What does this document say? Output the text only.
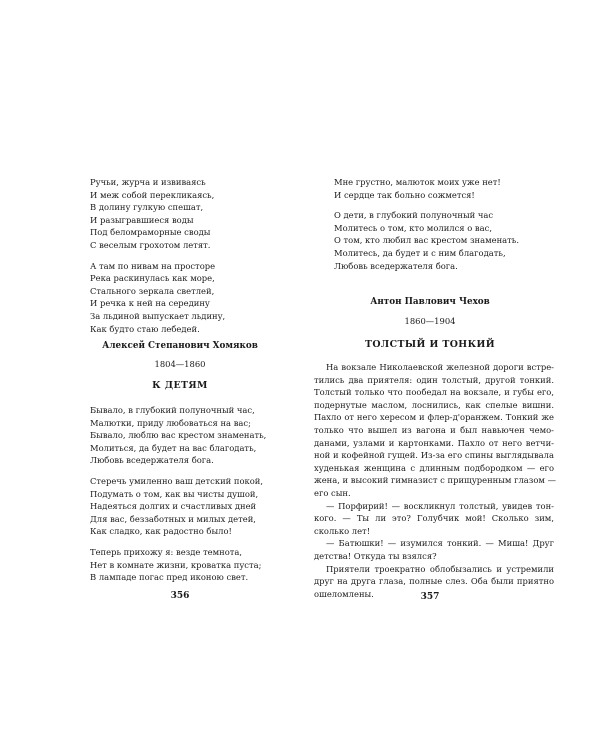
Ручьи, журча и извиваясь
И меж собой перекликаясь,
В долину гулкую спешат,
И разыгравшиеся воды
Под беломраморные своды
С веселым грохотом летят.
А там по нивам на просторе
Река раскинулась как море,
Стального зеркала светлей,
И речка к ней на середину
За льдиной выпускает льдину,
Как будто стаю лебедей.
Алексей Степанович Хомяков
1804—1860
К ДЕТЯМ
Бывало, в глубокий полуночный час,
Малютки, приду любоваться на вас;
Бывало, люблю вас крестом знаменать,
Молиться, да будет на вас благодать,
Любовь вседержателя бога.
Стеречь умиленно ваш детский покой,
Подумать о том, как вы чисты душой,
Надеяться долгих и счастливых дней
Для вас, беззаботных и милых детей,
Как сладко, как радостно было!
Теперь прихожу я: везде темнота,
Нет в комнате жизни, кроватка пуста;
В лампаде погас пред иконою свет.
356
Мне грустно, малюток моих уже нет!
И сердце так больно сожмется!
О дети, в глубокий полуночный час
Молитесь о том, кто молился о вас,
О том, кто любил вас крестом знаменать.
Молитесь, да будет и с ним благодать,
Любовь вседержателя бога.
Антон Павлович Чехов
1860—1904
ТОЛСТЫЙ И ТОНКИЙ
На вокзале Николаевской железной дороги встре-
тились два приятеля: один толстый, другой тонкий.
Толстый только что пообедал на вокзале, и губы его,
подернутые маслом, лоснились, как спелые вишни.
Пахло от него хересом и флер-д'оранжем. Тонкий же
только что вышел из вагона и был навьючен чемо-
данами, узлами и картонками. Пахло от него ветчи-
ной и кофейной гущей. Из-за его спины выглядывала
худенькая женщина с длинным подбородком — его
жена, и высокий гимназист с прищуренным глазом —
его сын.
— Порфирий! — воскликнул толстый, увидев тон-
кого. — Ты ли это? Голубчик мой! Сколько зим,
сколько лет!
— Батюшки! — изумился тонкий. — Миша! Друг
детства! Откуда ты взялся?
Приятели троекратно облобызались и устремили
друг на друга глаза, полные слез. Оба были приятно
ошеломлены.	357
